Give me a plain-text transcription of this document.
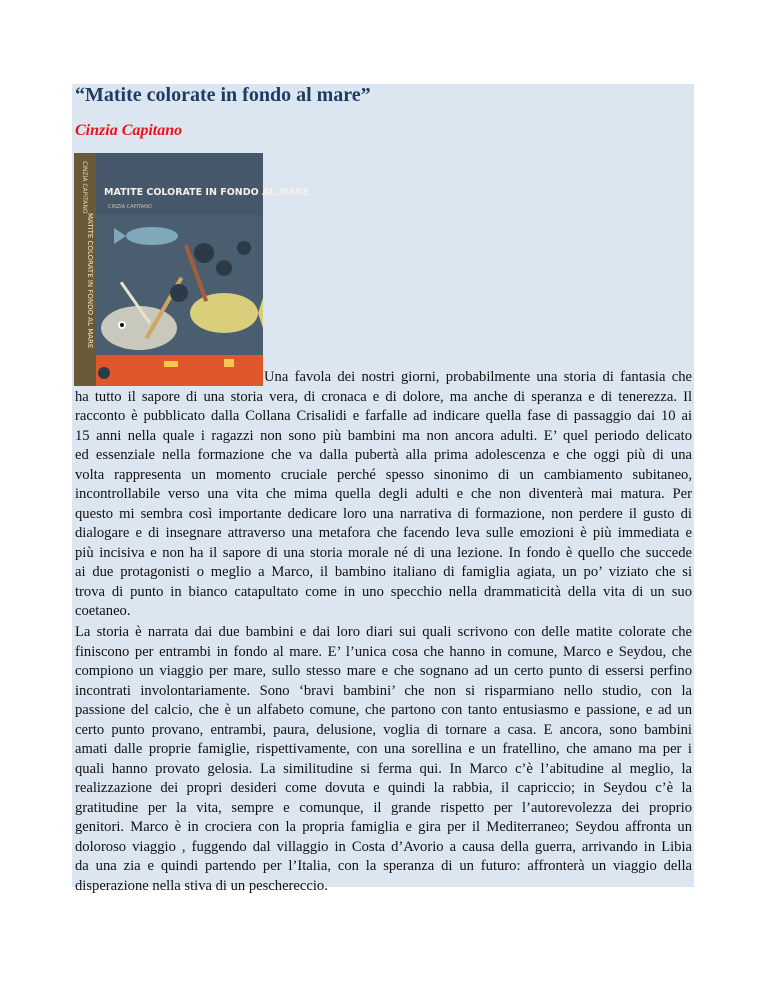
“Matite colorate in fondo al mare”
Cinzia Capitano
CINZIA CAPITANO
MATITE COLORATE IN FONDO AL MARE
MATITE COLORATE IN FONDO AL MARE
CINZIA CAPITANO
Una favola dei nostri giorni, probabilmente una storia di fantasia che
ha tutto il sapore di una storia vera, di cronaca e di dolore, ma anche di speranza e di tenerezza. Il
racconto è pubblicato dalla Collana Crisalidi e farfalle ad indicare quella fase di passaggio dai 10 ai
15 anni nella quale i ragazzi non sono più bambini ma non ancora adulti. E’ quel periodo delicato
ed essenziale nella formazione che va dalla pubertà alla prima adolescenza e che oggi più di una
volta rappresenta un momento cruciale perché spesso sinonimo di un cambiamento subitaneo,
incontrollabile verso una vita che mima quella degli adulti e che non diventerà mai matura. Per
questo mi sembra così importante dedicare loro una narrativa di formazione, non perdere il gusto di
dialogare e di insegnare attraverso una metafora che facendo leva sulle emozioni è più immediata e
più incisiva e non ha il sapore di una storia morale né di una lezione. In fondo è quello che succede
ai due protagonisti o meglio a Marco, il bambino italiano di famiglia agiata, un po’ viziato che si
trova di punto in bianco catapultato come in uno specchio nella drammaticità della vita di un suo
coetaneo.
La storia è narrata dai due bambini e dai loro diari sui quali scrivono con delle matite colorate che
finiscono per entrambi in fondo al mare. E’ l’unica cosa che hanno in comune, Marco e Seydou, che
compiono un viaggio per mare, sullo stesso mare e che sognano ad un certo punto di essersi perfino
incontrati involontariamente. Sono ‘bravi bambini’ che non si risparmiano nello studio, con la
passione del calcio, che è un alfabeto comune, che partono con tanto entusiasmo e passione, e ad un
certo punto provano, entrambi, paura, delusione, voglia di tornare a casa. E ancora, sono bambini
amati dalle proprie famiglie, rispettivamente, con una sorellina e un fratellino, che amano ma per i
quali hanno provato gelosia. La similitudine si ferma qui. In Marco c’è l’abitudine al meglio, la
realizzazione dei propri desideri come dovuta e quindi la rabbia, il capriccio; in Seydou c’è la
gratitudine per la vita, sempre e comunque, il grande rispetto per l’autorevolezza dei proprio
genitori. Marco è in crociera con la propria famiglia e gira per il Mediterraneo; Seydou affronta un
doloroso viaggio , fuggendo dal villaggio in Costa d’Avorio a causa della guerra, arrivando in Libia
da una zia e quindi partendo per l’Italia, con la speranza di un futuro: affronterà un viaggio della
disperazione nella stiva di un peschereccio.
